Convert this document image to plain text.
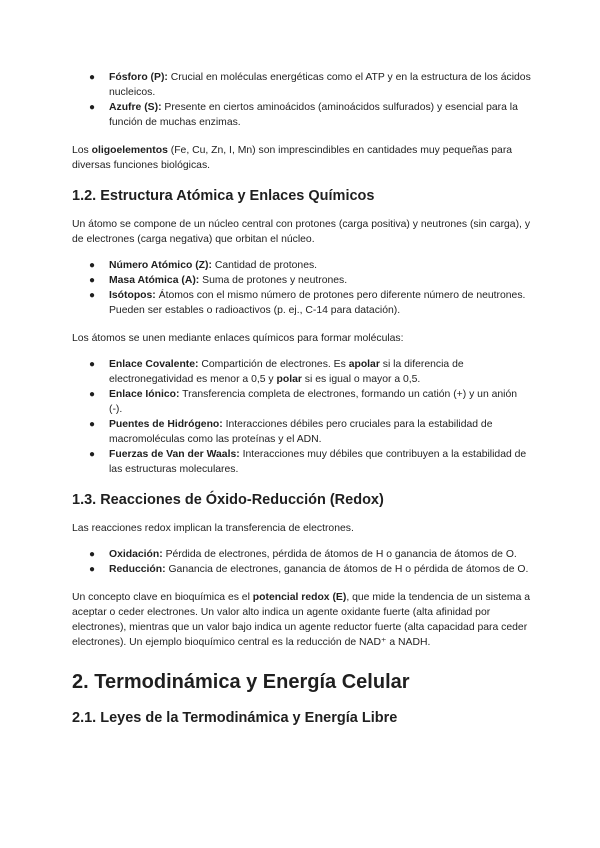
● Fósforo (P): Crucial en moléculas energéticas como el ATP y en la estructura de los ácidos nucleicos.
● Azufre (S): Presente en ciertos aminoácidos (aminoácidos sulfurados) y esencial para la función de muchas enzimas.

Los oligoelementos (Fe, Cu, Zn, I, Mn) son imprescindibles en cantidades muy pequeñas para diversas funciones biológicas.

1.2. Estructura Atómica y Enlaces Químicos

Un átomo se compone de un núcleo central con protones (carga positiva) y neutrones (sin carga), y de electrones (carga negativa) que orbitan el núcleo.

● Número Atómico (Z): Cantidad de protones.
● Masa Atómica (A): Suma de protones y neutrones.
● Isótopos: Átomos con el mismo número de protones pero diferente número de neutrones. Pueden ser estables o radioactivos (p. ej., C-14 para datación).

Los átomos se unen mediante enlaces químicos para formar moléculas:

● Enlace Covalente: Compartición de electrones. Es apolar si la diferencia de electronegatividad es menor a 0,5 y polar si es igual o mayor a 0,5.
● Enlace Iónico: Transferencia completa de electrones, formando un catión (+) y un anión (-).
● Puentes de Hidrógeno: Interacciones débiles pero cruciales para la estabilidad de macromoléculas como las proteínas y el ADN.
● Fuerzas de Van der Waals: Interacciones muy débiles que contribuyen a la estabilidad de las estructuras moleculares.
1.3. Reacciones de Óxido-Reducción (Redox)

Las reacciones redox implican la transferencia de electrones.

● Oxidación: Pérdida de electrones, pérdida de átomos de H o ganancia de átomos de O.
● Reducción: Ganancia de electrones, ganancia de átomos de H o pérdida de átomos de O.

Un concepto clave en bioquímica es el potencial redox (E), que mide la tendencia de un sistema a aceptar o ceder electrones. Un valor alto indica un agente oxidante fuerte (alta afinidad por electrones), mientras que un valor bajo indica un agente reductor fuerte (alta capacidad para ceder electrones). Un ejemplo bioquímico central es la reducción de NAD⁺ a NADH.

2. Termodinámica y Energía Celular
2.1. Leyes de la Termodinámica y Energía Libre
